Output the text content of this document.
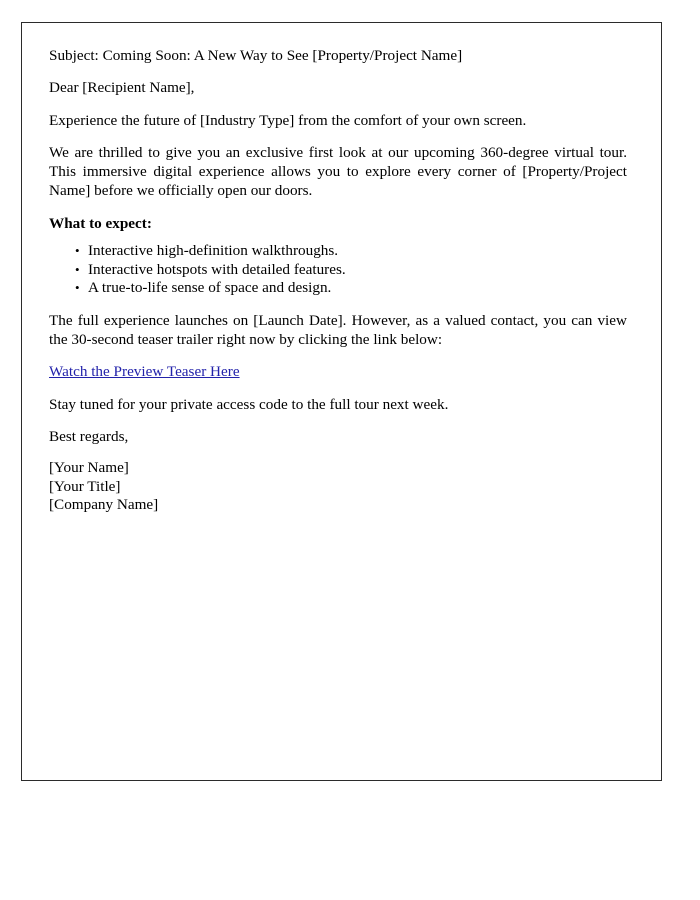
Subject: Coming Soon: A New Way to See [Property/Project Name]

Dear [Recipient Name],

Experience the future of [Industry Type] from the comfort of your own screen.

We are thrilled to give you an exclusive first look at our upcoming 360-degree virtual tour. This immersive digital experience allows you to explore every corner of [Property/Project Name] before we officially open our doors.

What to expect:

• Interactive high-definition walkthroughs.
• Interactive hotspots with detailed features.
• A true-to-life sense of space and design.

The full experience launches on [Launch Date]. However, as a valued contact, you can view the 30-second teaser trailer right now by clicking the link below:

Watch the Preview Teaser Here

Stay tuned for your private access code to the full tour next week.

Best regards,

[Your Name]
[Your Title]
[Company Name]
